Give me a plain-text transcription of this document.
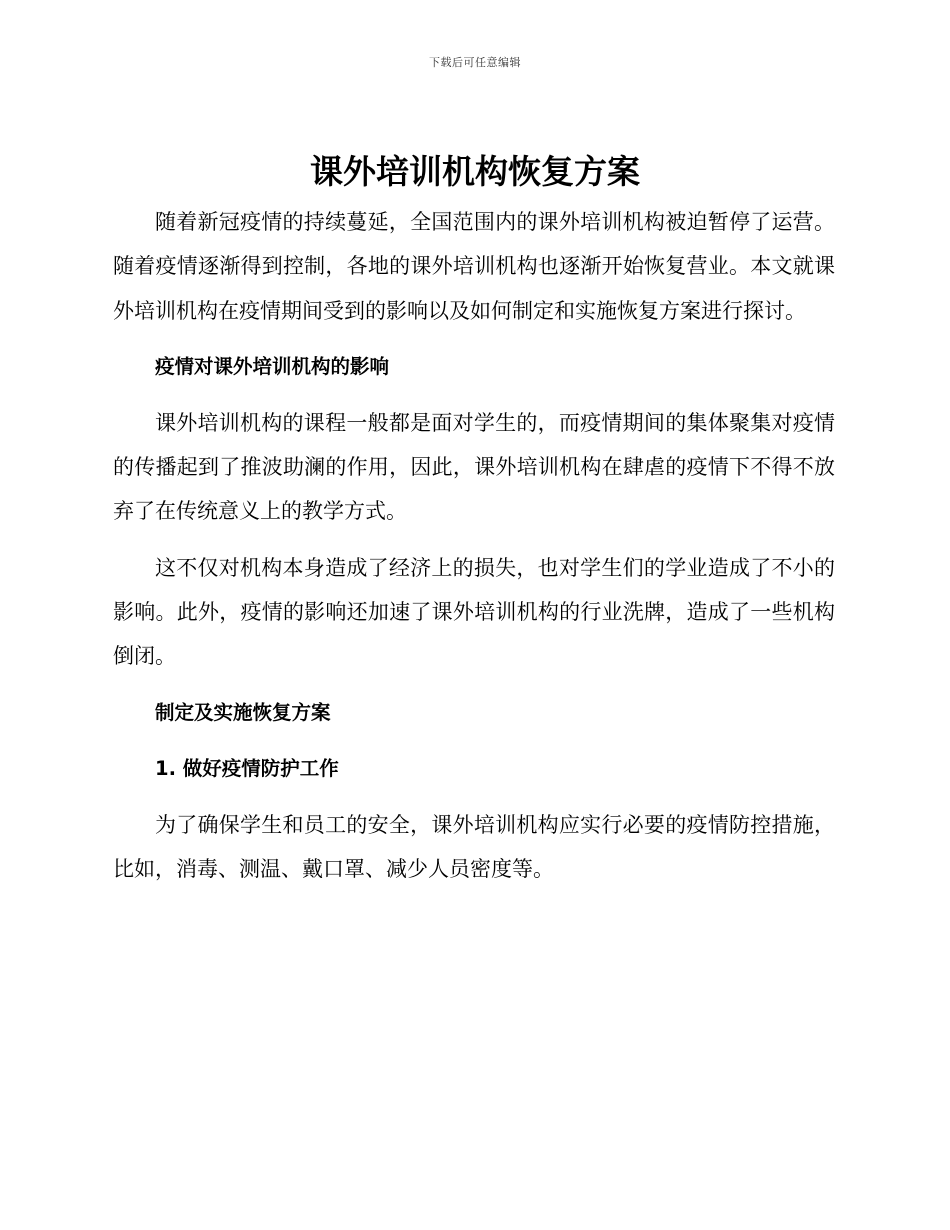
下载后可任意编辑
课外培训机构恢复方案

随着新冠疫情的持续蔓延，全国范围内的课外培训机构被迫暂停了运营。随着疫情逐渐得到控制，各地的课外培训机构也逐渐开始恢复营业。本文就课外培训机构在疫情期间受到的影响以及如何制定和实施恢复方案进行探讨。

疫情对课外培训机构的影响

课外培训机构的课程一般都是面对学生的，而疫情期间的集体聚集对疫情的传播起到了推波助澜的作用，因此，课外培训机构在肆虐的疫情下不得不放弃了在传统意义上的教学方式。

这不仅对机构本身造成了经济上的损失，也对学生们的学业造成了不小的影响。此外，疫情的影响还加速了课外培训机构的行业洗牌，造成了一些机构倒闭。

制定及实施恢复方案
1. 做好疫情防护工作

为了确保学生和员工的安全，课外培训机构应实行必要的疫情防控措施，比如，消毒、测温、戴口罩、减少人员密度等。
